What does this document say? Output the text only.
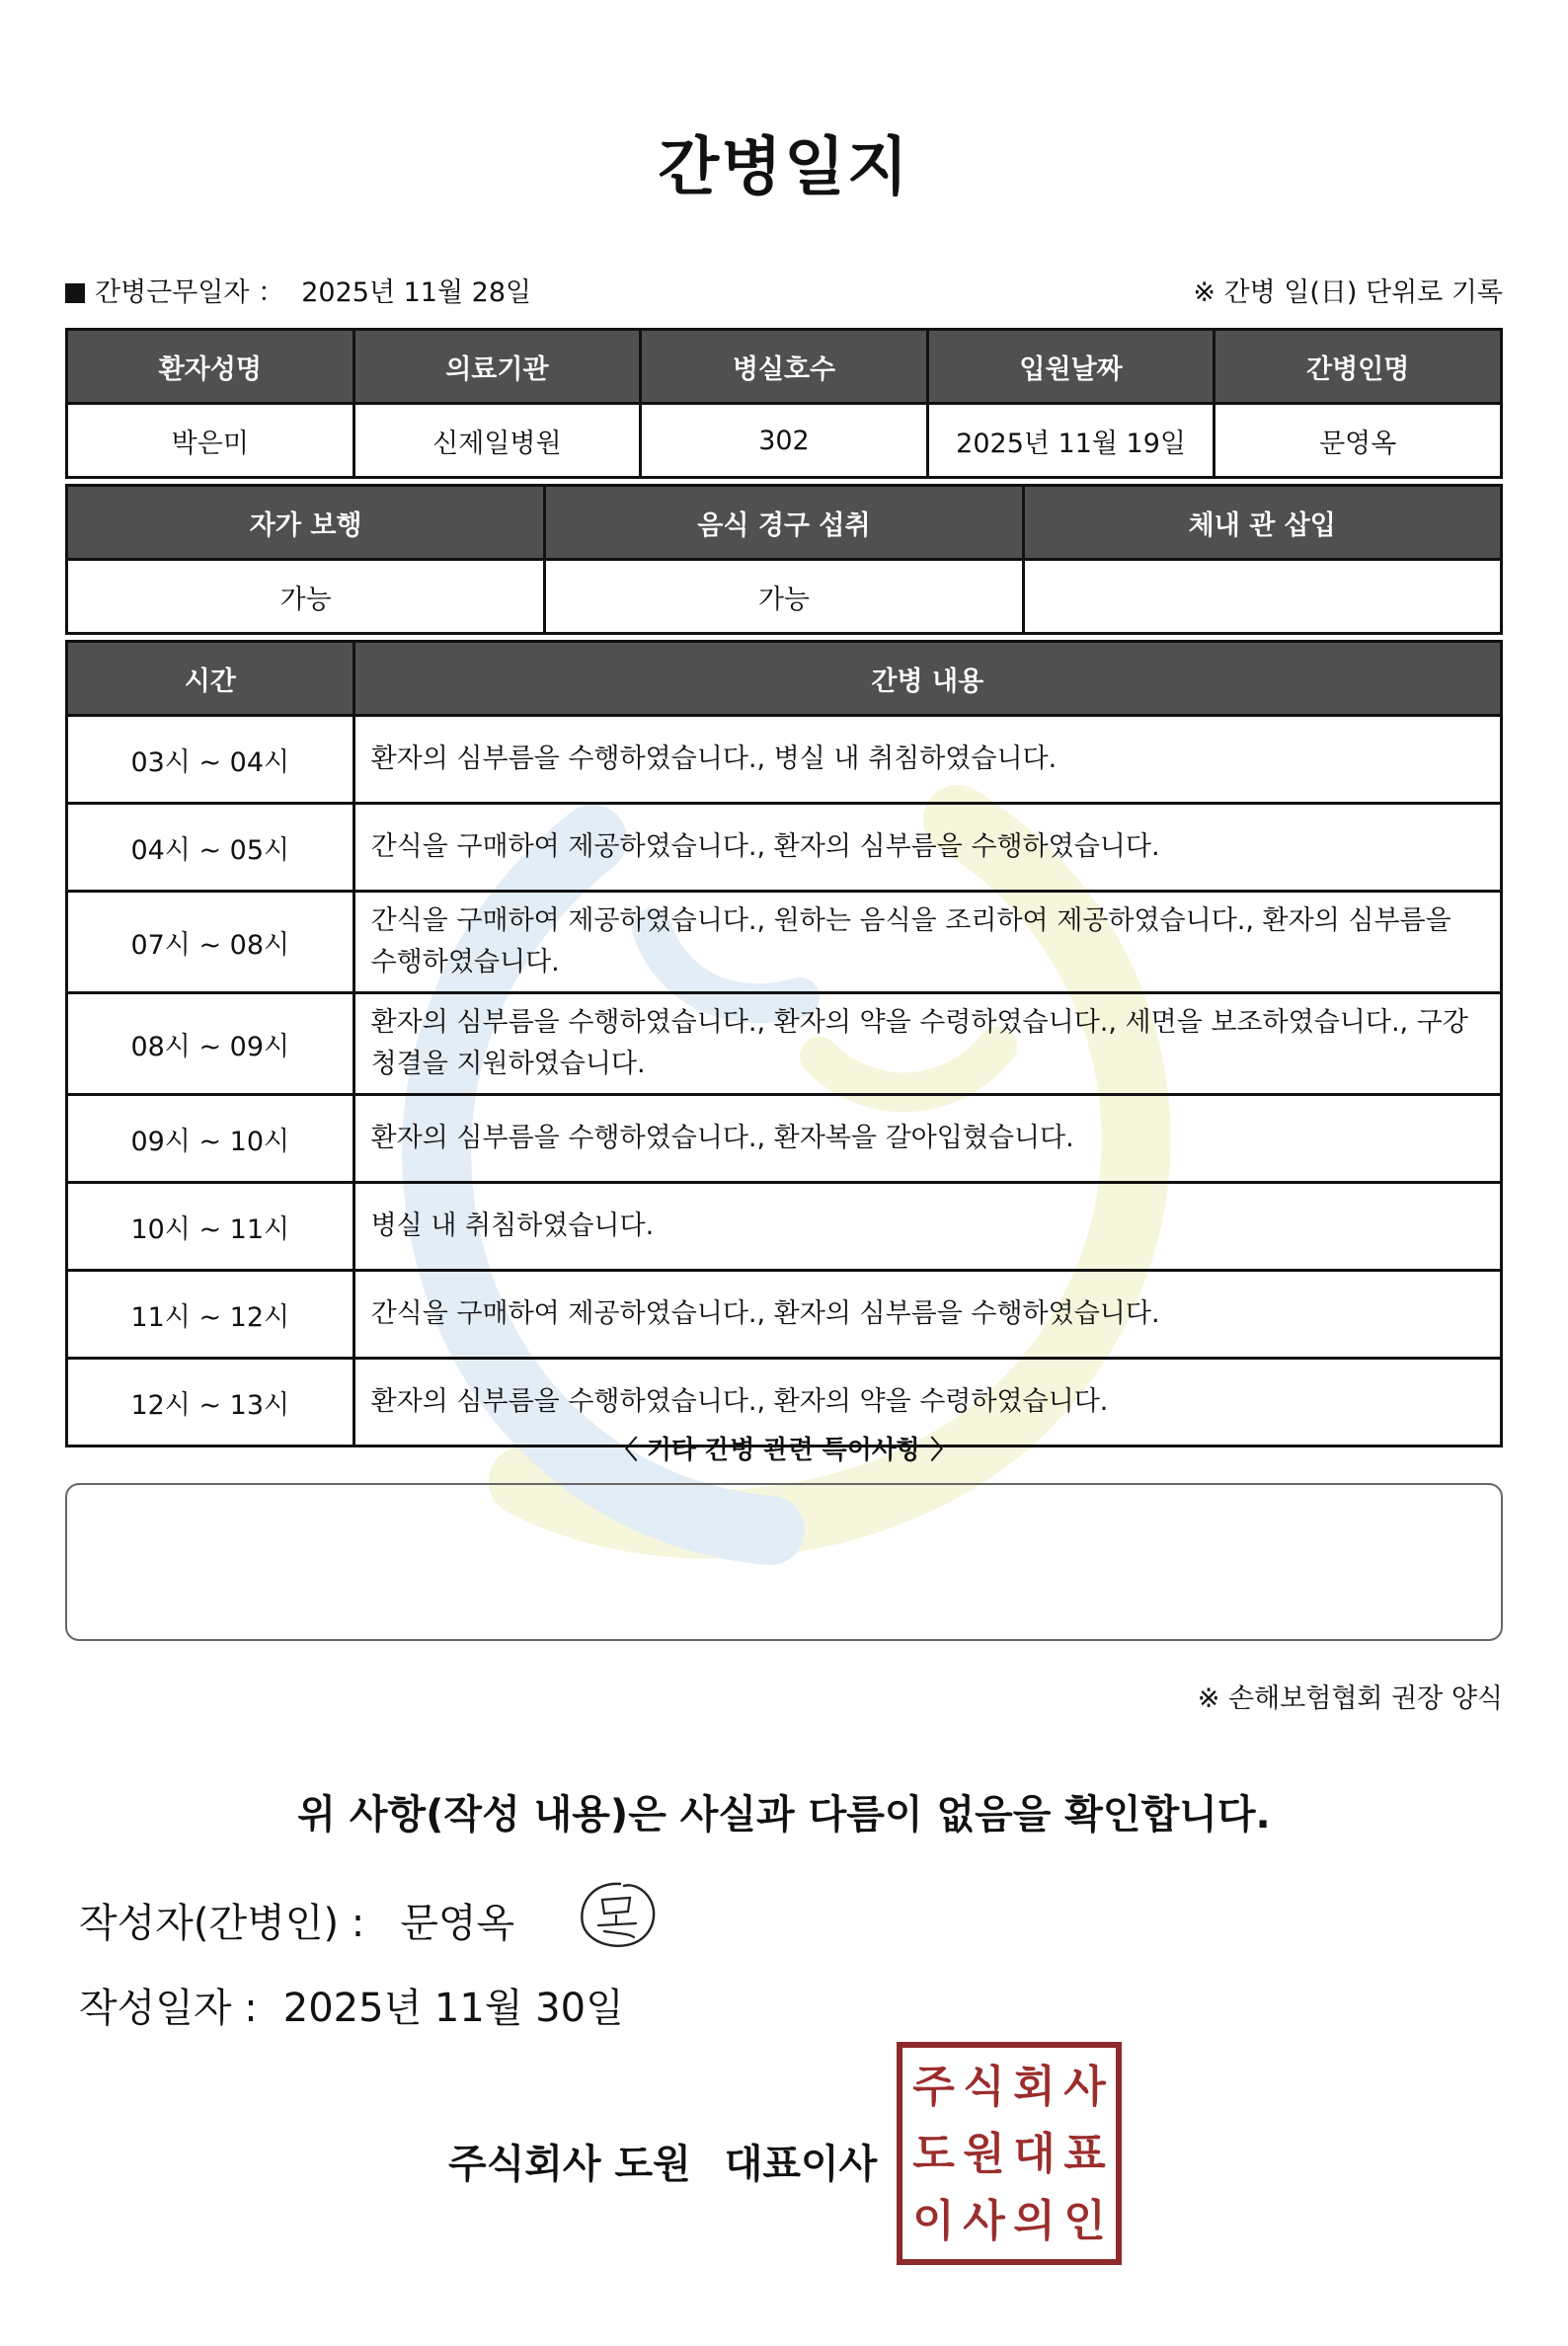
간병일지
간병근무일자 ： 2025년 11월 28일	※ 간병 일(日) 단위로 기록
환자성명	의료기관	병실호수	입원날짜	간병인명
박은미	신제일병원	302	2025년 11월 19일	문영옥
자가 보행	음식 경구 섭취	체내 관 삽입
가능	가능	
시간	간병 내용
03시 ~ 04시	환자의 심부름을 수행하였습니다., 병실 내 취침하였습니다.
04시 ~ 05시	간식을 구매하여 제공하였습니다., 환자의 심부름을 수행하였습니다.
07시 ~ 08시	간식을 구매하여 제공하였습니다., 원하는 음식을 조리하여 제공하였습니다., 환자의 심부름을 수행하였습니다.
08시 ~ 09시	환자의 심부름을 수행하였습니다., 환자의 약을 수령하였습니다., 세면을 보조하였습니다., 구강 청결을 지원하였습니다.
09시 ~ 10시	환자의 심부름을 수행하였습니다., 환자복을 갈아입혔습니다.
10시 ~ 11시	병실 내 취침하였습니다.
11시 ~ 12시	간식을 구매하여 제공하였습니다., 환자의 심부름을 수행하였습니다.
12시 ~ 13시	환자의 심부름을 수행하였습니다., 환자의 약을 수령하였습니다.
〈 기타 간병 관련 특이사항 〉
※ 손해보험협회 권장 양식
위 사항(작성 내용)은 사실과 다름이 없음을 확인합니다.
작성자(간병인) : 문영옥
작성일자 : 2025년 11월 30일
주식회사 도원 대표이사
주 식 회 사
도 원 대 표
이 사 의 인
